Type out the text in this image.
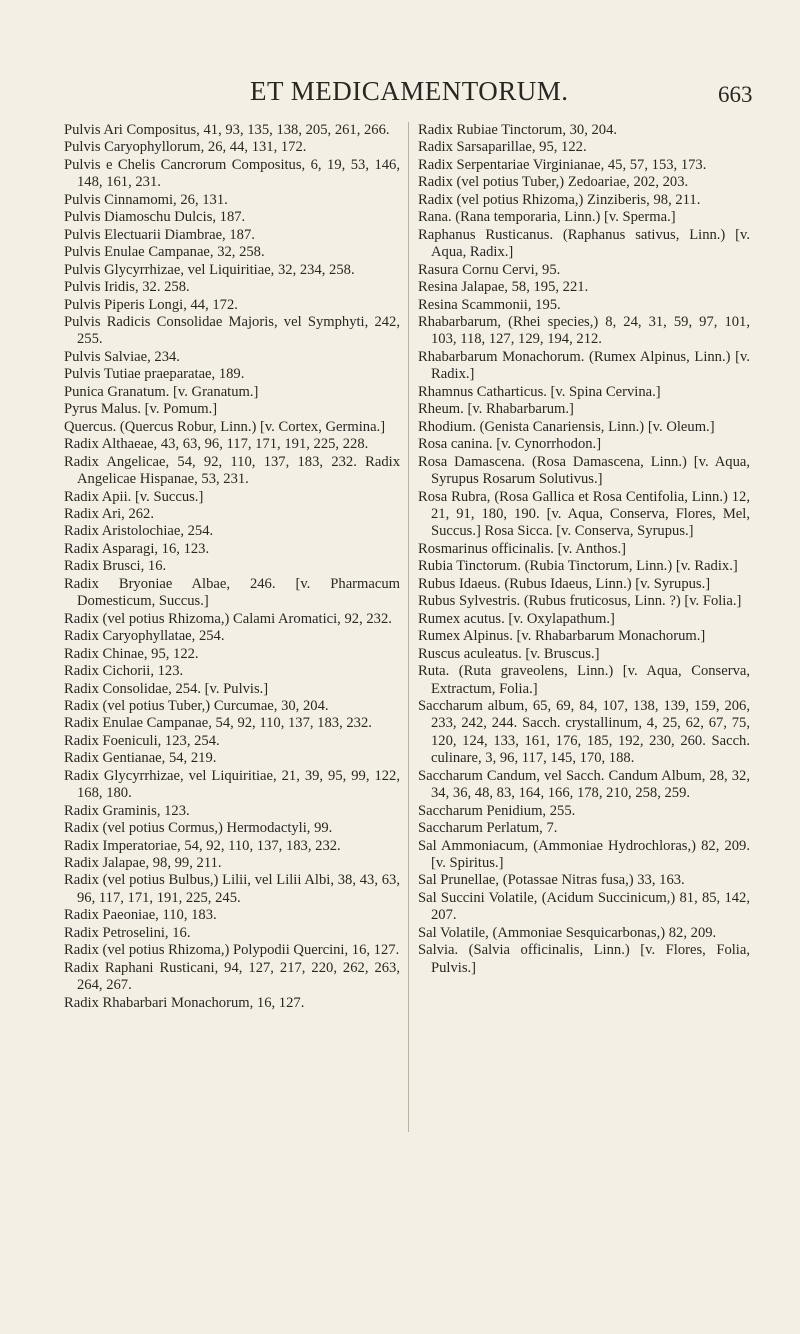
ET MEDICAMENTORUM.	663

Pulvis Ari Compositus, 41, 93, 135, 138, 205, 261, 266.

Pulvis Caryophyllorum, 26, 44, 131, 172.

Pulvis e Chelis Cancrorum Compositus, 6, 19, 53, 146, 148, 161, 231.

Pulvis Cinnamomi, 26, 131.

Pulvis Diamoschu Dulcis, 187.

Pulvis Electuarii Diambrae, 187.

Pulvis Enulae Campanae, 32, 258.

Pulvis Glycyrrhizae, vel Liquiritiae, 32, 234, 258.

Pulvis Iridis, 32. 258.

Pulvis Piperis Longi, 44, 172.

Pulvis Radicis Consolidae Majoris, vel Symphyti, 242, 255.

Pulvis Salviae, 234.

Pulvis Tutiae praeparatae, 189.

Punica Granatum. [v. Granatum.]

Pyrus Malus. [v. Pomum.]

Quercus. (Quercus Robur, Linn.) [v. Cortex, Germina.]

Radix Althaeae, 43, 63, 96, 117, 171, 191, 225, 228.

Radix Angelicae, 54, 92, 110, 137, 183, 232. Radix Angelicae Hispanae, 53, 231.

Radix Apii. [v. Succus.]

Radix Ari, 262.

Radix Aristolochiae, 254.

Radix Asparagi, 16, 123.

Radix Brusci, 16.

Radix Bryoniae Albae, 246. [v. Pharmacum Domesticum, Succus.]

Radix (vel potius Rhizoma,) Calami Aromatici, 92, 232.

Radix Caryophyllatae, 254.

Radix Chinae, 95, 122.

Radix Cichorii, 123.

Radix Consolidae, 254. [v. Pulvis.]

Radix (vel potius Tuber,) Curcumae, 30, 204.

Radix Enulae Campanae, 54, 92, 110, 137, 183, 232.

Radix Foeniculi, 123, 254.

Radix Gentianae, 54, 219.

Radix Glycyrrhizae, vel Liquiritiae, 21, 39, 95, 99, 122, 168, 180.

Radix Graminis, 123.

Radix (vel potius Cormus,) Hermodactyli, 99.

Radix Imperatoriae, 54, 92, 110, 137, 183, 232.

Radix Jalapae, 98, 99, 211.

Radix (vel potius Bulbus,) Lilii, vel Lilii Albi, 38, 43, 63, 96, 117, 171, 191, 225, 245.

Radix Paeoniae, 110, 183.

Radix Petroselini, 16.

Radix (vel potius Rhizoma,) Polypodii Quercini, 16, 127.

Radix Raphani Rusticani, 94, 127, 217, 220, 262, 263, 264, 267.

Radix Rhabarbari Monachorum, 16, 127.

Radix Rubiae Tinctorum, 30, 204.

Radix Sarsaparillae, 95, 122.

Radix Serpentariae Virginianae, 45, 57, 153, 173.

Radix (vel potius Tuber,) Zedoariae, 202, 203.

Radix (vel potius Rhizoma,) Zinziberis, 98, 211.

Rana. (Rana temporaria, Linn.) [v. Sperma.]

Raphanus Rusticanus. (Raphanus sativus, Linn.) [v. Aqua, Radix.]

Rasura Cornu Cervi, 95.

Resina Jalapae, 58, 195, 221.

Resina Scammonii, 195.

Rhabarbarum, (Rhei species,) 8, 24, 31, 59, 97, 101, 103, 118, 127, 129, 194, 212.

Rhabarbarum Monachorum. (Rumex Alpinus, Linn.) [v. Radix.]

Rhamnus Catharticus. [v. Spina Cervina.]

Rheum. [v. Rhabarbarum.]

Rhodium. (Genista Canariensis, Linn.) [v. Oleum.]

Rosa canina. [v. Cynorrhodon.]

Rosa Damascena. (Rosa Damascena, Linn.) [v. Aqua, Syrupus Rosarum Solutivus.]

Rosa Rubra, (Rosa Gallica et Rosa Centifolia, Linn.) 12, 21, 91, 180, 190. [v. Aqua, Conserva, Flores, Mel, Succus.] Rosa Sicca. [v. Conserva, Syrupus.]

Rosmarinus officinalis. [v. Anthos.]

Rubia Tinctorum. (Rubia Tinctorum, Linn.) [v. Radix.]

Rubus Idaeus. (Rubus Idaeus, Linn.) [v. Syrupus.]

Rubus Sylvestris. (Rubus fruticosus, Linn. ?) [v. Folia.]

Rumex acutus. [v. Oxylapathum.]

Rumex Alpinus. [v. Rhabarbarum Monachorum.]

Ruscus aculeatus. [v. Bruscus.]

Ruta. (Ruta graveolens, Linn.) [v. Aqua, Conserva, Extractum, Folia.]

Saccharum album, 65, 69, 84, 107, 138, 139, 159, 206, 233, 242, 244. Sacch. crystallinum, 4, 25, 62, 67, 75, 120, 124, 133, 161, 176, 185, 192, 230, 260. Sacch. culinare, 3, 96, 117, 145, 170, 188.

Saccharum Candum, vel Sacch. Candum Album, 28, 32, 34, 36, 48, 83, 164, 166, 178, 210, 258, 259.

Saccharum Penidium, 255.

Saccharum Perlatum, 7.

Sal Ammoniacum, (Ammoniae Hydrochloras,) 82, 209. [v. Spiritus.]

Sal Prunellae, (Potassae Nitras fusa,) 33, 163.

Sal Succini Volatile, (Acidum Succinicum,) 81, 85, 142, 207.

Sal Volatile, (Ammoniae Sesquicarbonas,) 82, 209.

Salvia. (Salvia officinalis, Linn.) [v. Flores, Folia, Pulvis.]
